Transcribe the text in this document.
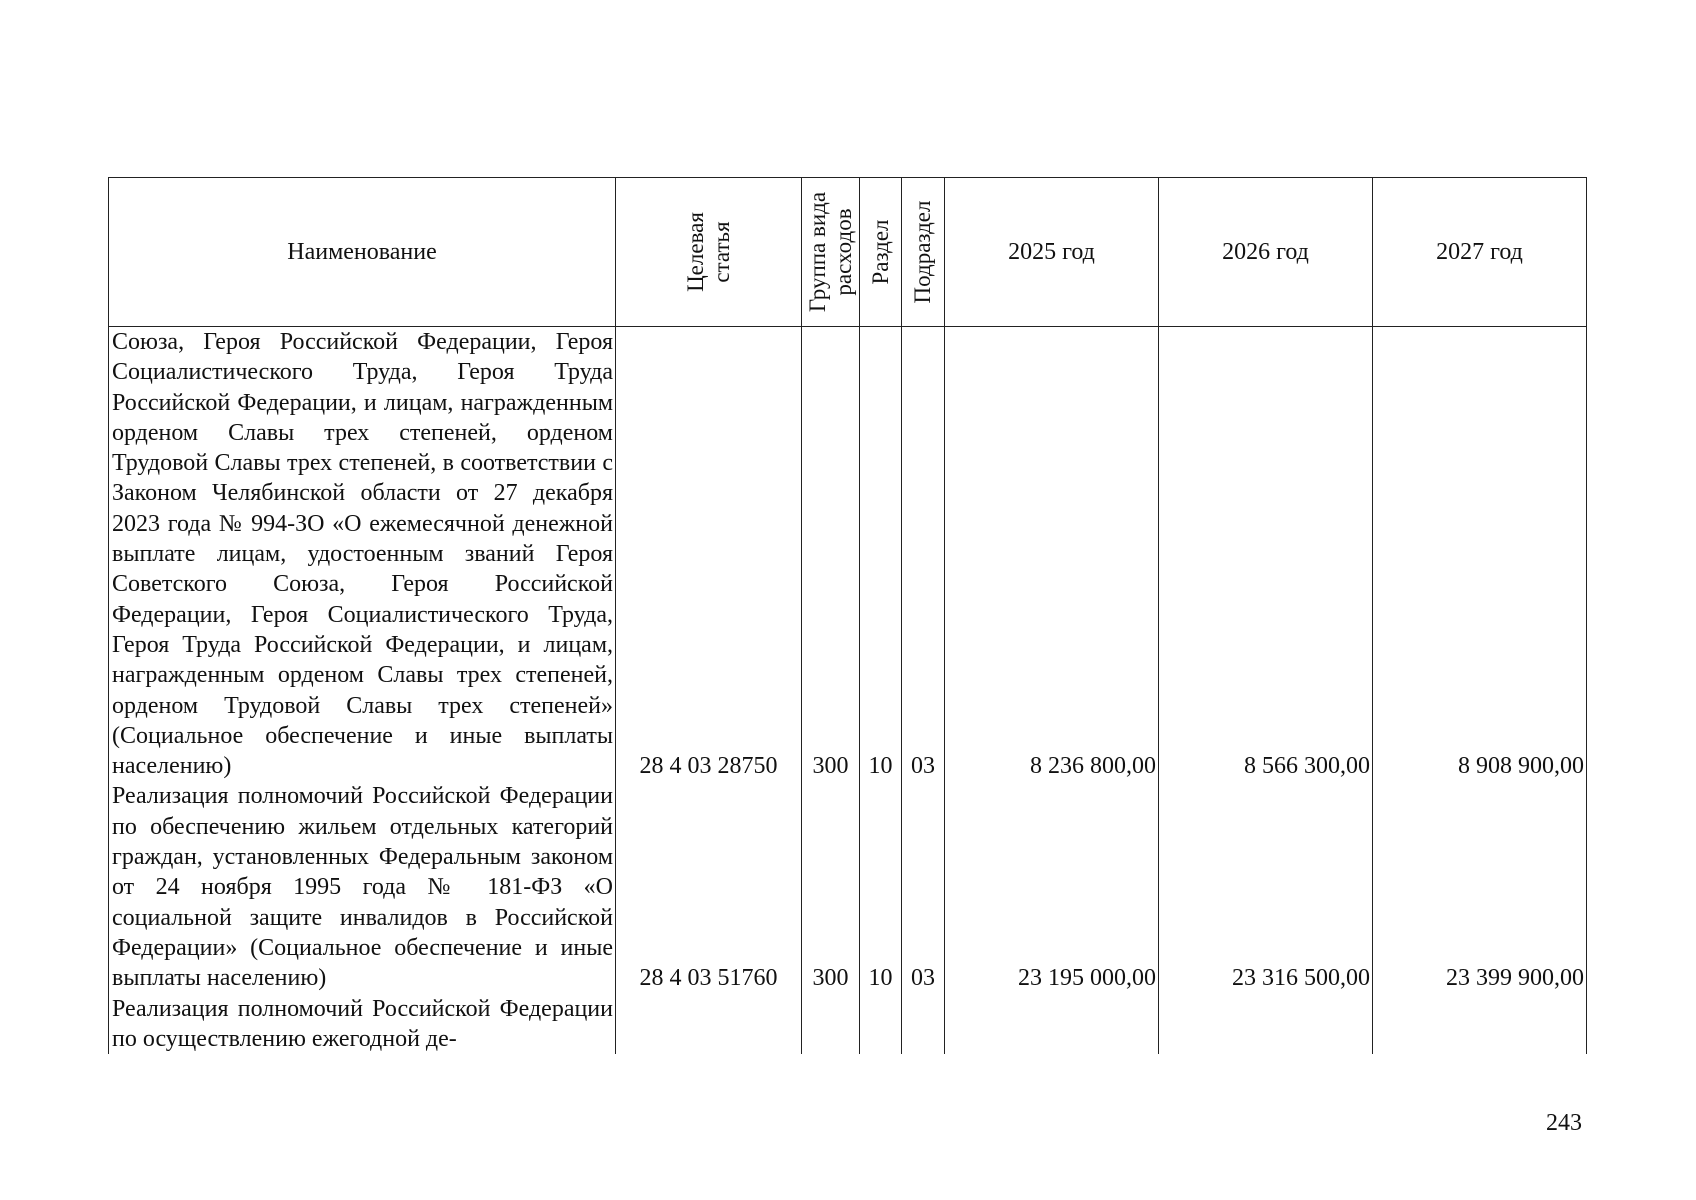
Наименование	Целевая статья	Группа вида расходов	Раздел	Подраздел	2025 год	2026 год	2027 год

Союза, Героя Российской Федерации, Героя Социалистического Труда, Героя Труда Российской Федерации, и лицам, награжденным орденом Славы трех степеней, орденом Трудовой Славы трех степеней, в соответствии с Законом Челябинской области от 27 декабря 2023 года № 994-ЗО «О ежемесячной денежной выплате лицам, удостоенным званий Героя Советского Союза, Героя Российской Федерации, Героя Социалистического Труда, Героя Труда Российской Федерации, и лицам, награжденным орденом Славы трех степеней, орденом Трудовой Славы трех степеней» (Социальное обеспечение и иные выплаты населению)	28 4 03 28750	300	10	03	8 236 800,00	8 566 300,00	8 908 900,00

Реализация полномочий Российской Федерации по обеспечению жильем отдельных категорий граждан, установленных Федеральным законом от 24 ноября 1995 года № 181-ФЗ «О социальной защите инвалидов в Российской Федерации» (Социальное обеспечение и иные выплаты населению)	28 4 03 51760	300	10	03	23 195 000,00	23 316 500,00	23 399 900,00

Реализация полномочий Российской Федерации по осуществлению ежегодной де-							

243
